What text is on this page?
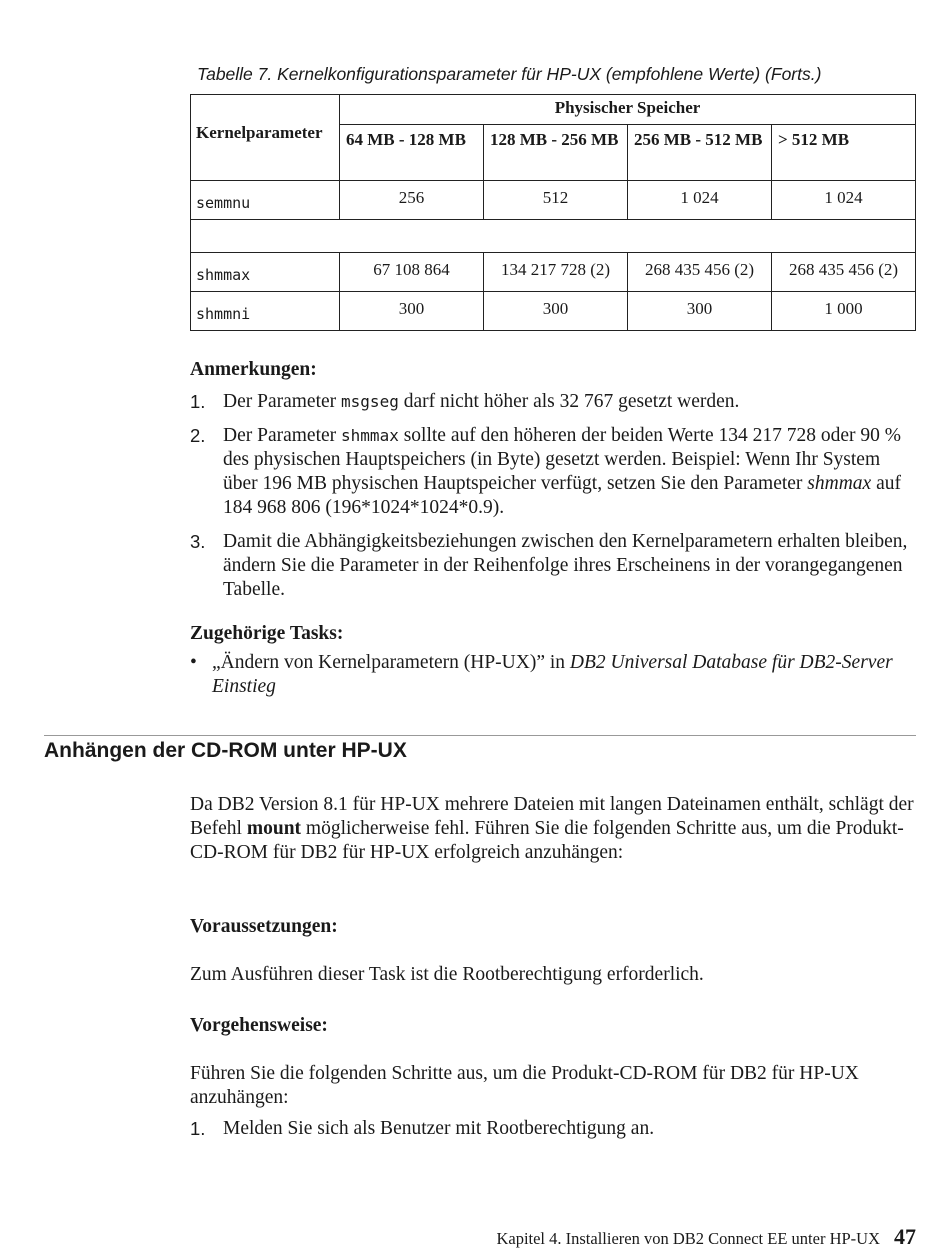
Tabelle 7. Kernelkonfigurationsparameter für HP-UX (empfohlene Werte) (Forts.)
Kernelparameter	Physischer Speicher			

	64 MB - 128 MB	128 MB - 256 MB	256 MB - 512 MB	> 512 MB

semmnu	256	512	1 024	1 024

shmmax	67 108 864	134 217 728 (2)	268 435 456 (2)	268 435 456 (2)

shmmni	300	300	300	1 000
Anmerkungen:
1. Der Parameter msgseg darf nicht höher als 32 767 gesetzt werden.
2. Der Parameter shmmax sollte auf den höheren der beiden Werte 134 217 728 oder 90 % des physischen Hauptspeichers (in Byte) gesetzt werden. Beispiel: Wenn Ihr System über 196 MB physischen Hauptspeicher verfügt, setzen Sie den Parameter shmmax auf 184 968 806 (196*1024*1024*0.9).
3. Damit die Abhängigkeitsbeziehungen zwischen den Kernelparametern erhalten bleiben, ändern Sie die Parameter in der Reihenfolge ihres Erscheinens in der vorangegangenen Tabelle.
Zugehörige Tasks:
• „Ändern von Kernelparametern (HP-UX)” in DB2 Universal Database für DB2-Server Einstieg
Anhängen der CD-ROM unter HP-UX
Da DB2 Version 8.1 für HP-UX mehrere Dateien mit langen Dateinamen enthält, schlägt der Befehl mount möglicherweise fehl. Führen Sie die folgenden Schritte aus, um die Produkt-CD-ROM für DB2 für HP-UX erfolgreich anzuhängen:
Voraussetzungen:
Zum Ausführen dieser Task ist die Rootberechtigung erforderlich.
Vorgehensweise:
Führen Sie die folgenden Schritte aus, um die Produkt-CD-ROM für DB2 für HP-UX anzuhängen:
1. Melden Sie sich als Benutzer mit Rootberechtigung an.
Kapitel 4. Installieren von DB2 Connect EE unter HP-UX 47
